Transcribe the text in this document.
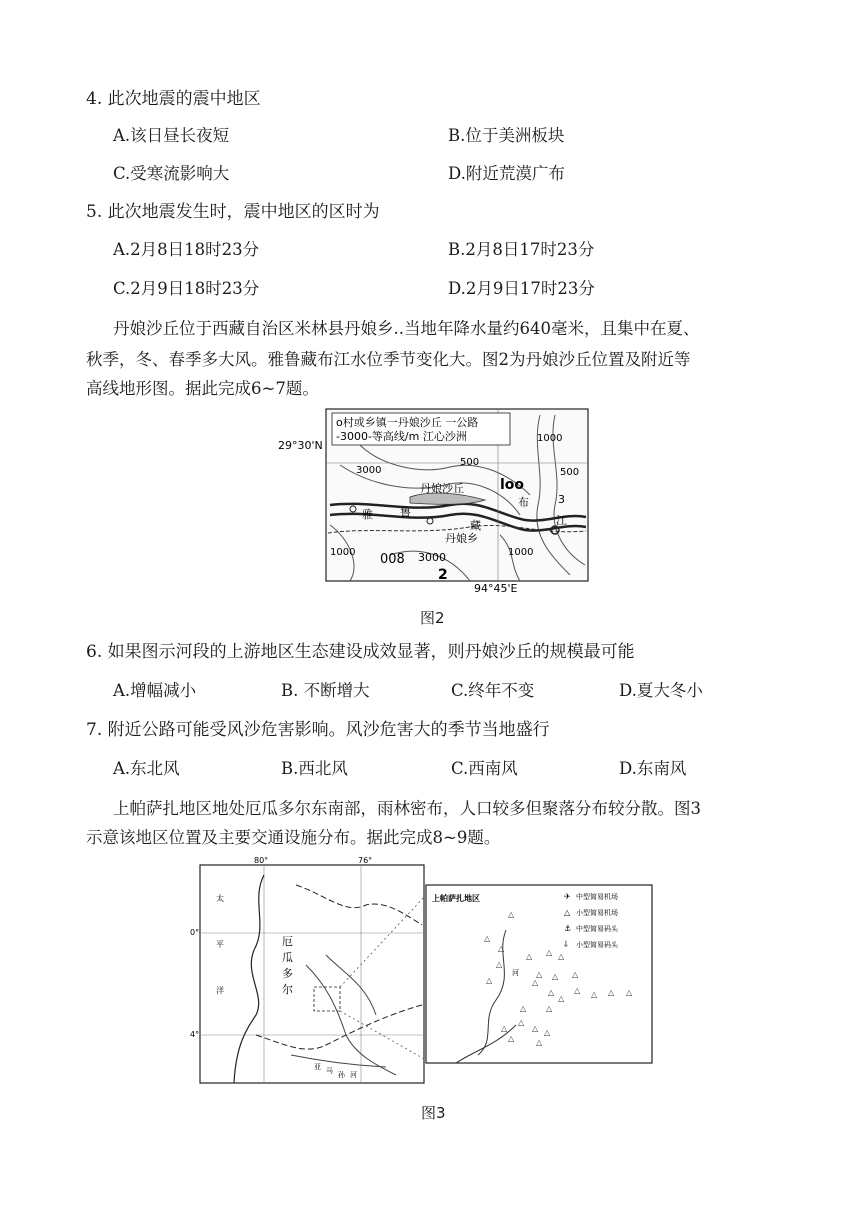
4. 此次地震的震中地区
A.该日昼长夜短	B.位于美洲板块
C.受寒流影响大	D.附近荒漠广布
5. 此次地震发生时，震中地区的区时为
A.2月8日18时23分	B.2月8日17时23分
C.2月9日18时23分	D.2月9日17时23分
丹娘沙丘位于西藏自治区米林县丹娘乡..当地年降水量约640毫米，且集中在夏、
秋季，冬、春季多大风。雅鲁藏布江水位季节变化大。图2为丹娘沙丘位置及附近等
高线地形图。据此完成6~7题。
o村或乡镇一丹娘沙丘 一公路
-3000-等高线/m 江心沙洲
29°30'N
94°45'E
丹娘沙丘
雅 鲁
藏
布
江
丹娘乡
3000
1000
500
3000	500
loo
3
1000
008
2
1000
图2
6. 如果图示河段的上游地区生态建设成效显著，则丹娘沙丘的规模最可能
A.增幅减小	B. 不断增大	C.终年不变	D.夏大冬小
7. 附近公路可能受风沙危害影响。风沙危害大的季节当地盛行
A.东北风	B.西北风	C.西南风	D.东南风
上帕萨扎地区地处厄瓜多尔东南部，雨林密布，人口较多但聚落分布较分散。图3
示意该地区位置及主要交通设施分布。据此完成8~9题。
80°	76°
0°
4°
太
平
洋
厄
瓜
多
尔
亚 马 孙 河
上帕萨扎地区
河
中型简易机场
小型简易机场
中型简易码头
小型简易码头
✈
△
⚓
⸸
△
△
△
△ △ △
△
△
△ △
△
△
△
△
△ △ △ △
△
△
△
△
△ △
△
△
图3
